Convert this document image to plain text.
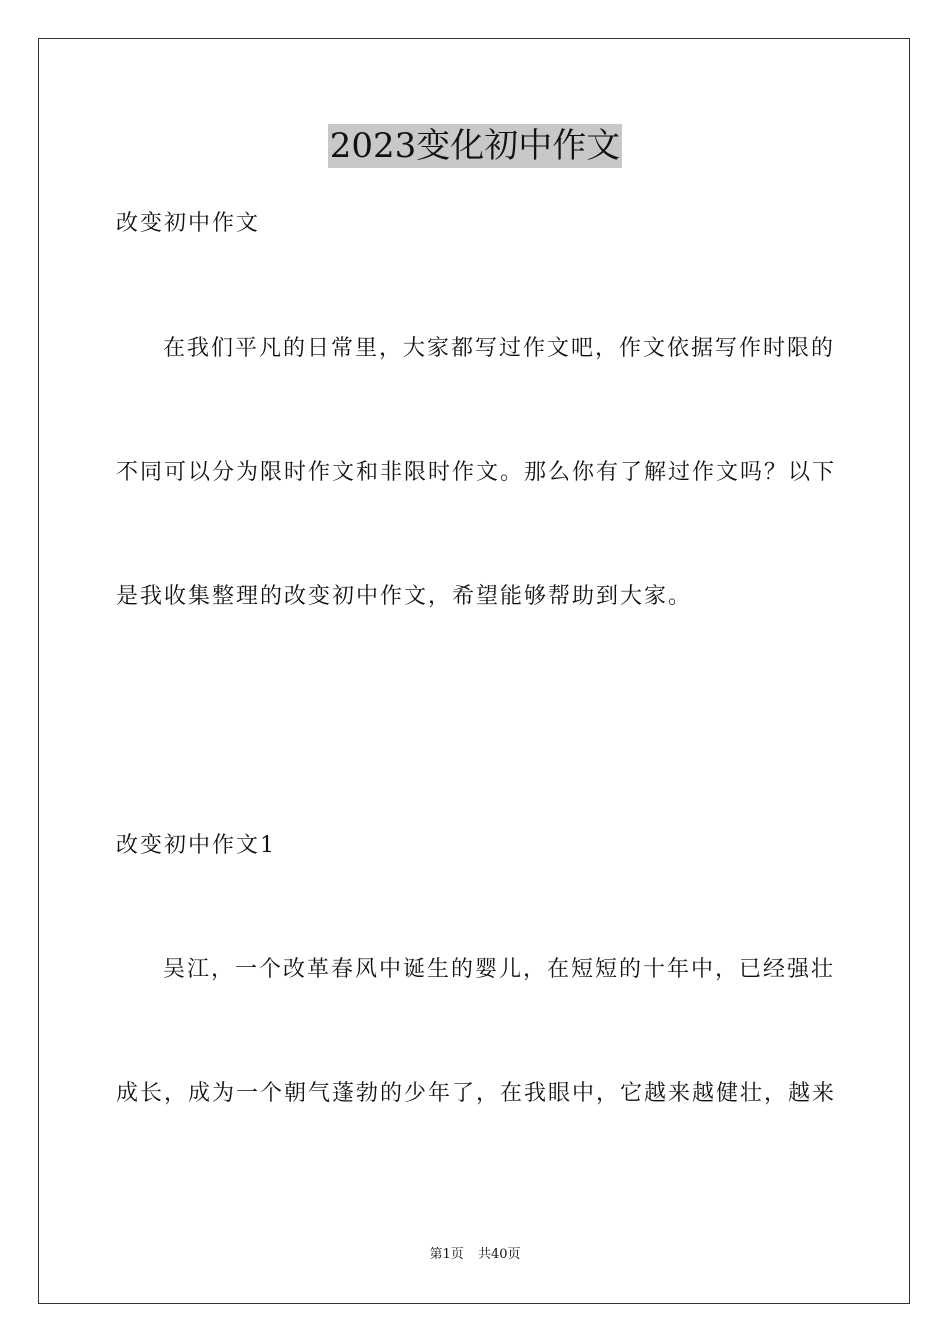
2023变化初中作文
改变初中作文
在我们平凡的日常里，大家都写过作文吧，作文依据写作时限的
不同可以分为限时作文和非限时作文。那么你有了解过作文吗？以下
是我收集整理的改变初中作文，希望能够帮助到大家。
改变初中作文1
吴江，一个改革春风中诞生的婴儿，在短短的十年中，已经强壮
成长，成为一个朝气蓬勃的少年了，在我眼中，它越来越健壮，越来
第1页 共40页
